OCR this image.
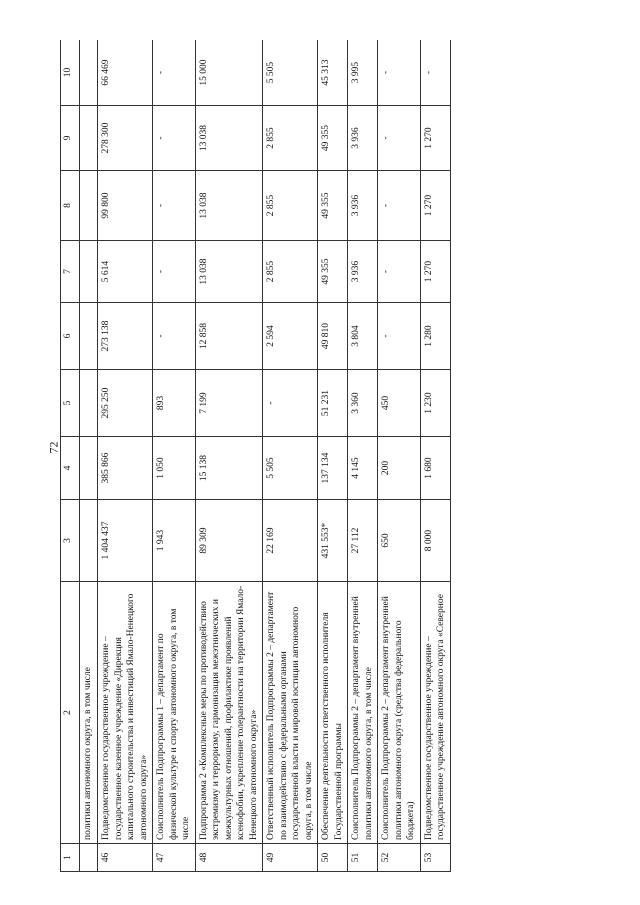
72
1	2	3	4	5	6	7	8	9	10
	политики автономного округа, в том числе								
46	Подведомственное государственное учреждение – государственное казенное учреждение «Дирекция капитального строительства и инвестиций Ямало-Ненецкого автономного округа»	1 404 437	385 866	295 250	273 138	5 614	99 800	278 300	66 469
47	Соисполнитель Подпрограммы 1 – департамент по физической культуре и спорту автономного округа, в том числе	1 943	1 050	893	-	-	-	-	-
48	Подпрограмма 2 «Комплексные меры по противодействию экстремизму и терроризму, гармонизация межэтнических и межкультурных отношений, профилактике проявлений ксенофобии, укрепление толерантности на территории Ямало-Ненецкого автономного округа»	89 309	15 138	7 199	12 858	13 038	13 038	13 038	15 000
49	Ответственный исполнитель Подпрограммы 2 – департамент по взаимодействию с федеральными органами государственной власти и мировой юстиции автономного округа, в том числе	22 169	5 505	-	2 594	2 855	2 855	2 855	5 505
50	Обеспечение деятельности ответственного исполнителя Государственной программы	431 553*	137 134	51 231	49 810	49 355	49 355	49 355	45 313
51	Соисполнитель Подпрограммы 2 – департамент внутренней политики автономного округа, в том числе	27 112	4 145	3 360	3 804	3 936	3 936	3 936	3 995
52	Соисполнитель Подпрограммы 2 – департамент внутренней политики автономного округа (средства федерального бюджета)	650	200	450	-	-	-	-	-
53	Подведомственное государственное учреждение – государственное учреждение автономного округа «Северное	8 000	1 680	1 230	1 280	1 270	1 270	1 270	-
